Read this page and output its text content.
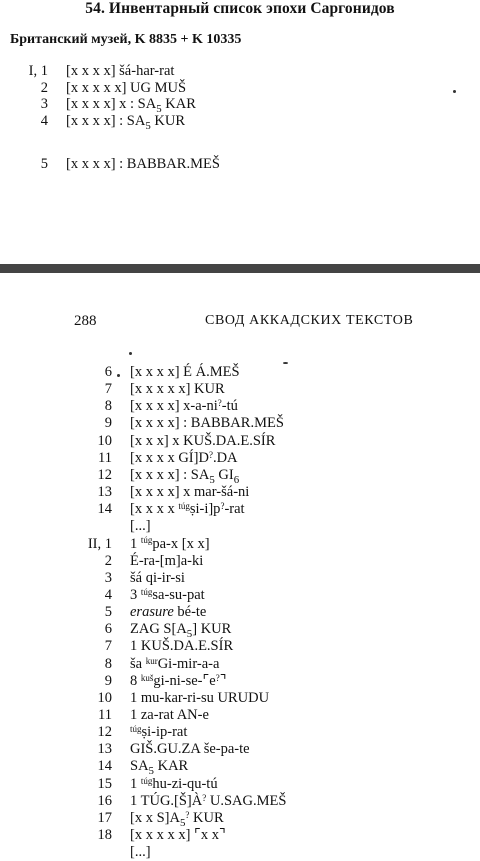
54. Инвентарный список эпохи Саргонидов
Британский музей, K 8835 + K 10335
I, 1 [x x x x] šá-har-rat
2 [x x x x x] UG MUŠ
3 [x x x x] x : $SA_5$ KAR
4 [x x x x] : $SA_5$ KUR
5 [x x x x] : BABBAR.MEŠ
288	СВОД АККАДСКИХ ТЕКСТОВ
6 [x x x x] É Á.MEŠ
7 [x x x x x] KUR
8 [x x x x] x-a-ni?-tú
9 [x x x x] : BABBAR.MEŠ
10 [x x x] x KUŠ.DA.E.SÍR
11 [x x x x GÍ]D?.DA
12 [x x x x] : $SA_5$ $GI_6$
13 [x x x x] x mar-šá-ni
14 [x x x x $^{túg}$ṣi-i]p?-rat
[...]
II, 1 1 $^{túg}$pa-x [x x]
2 É-ra-[m]a-ki
3 šá qi-ir-si
4 3 $^{túg}$sa-su-pat
5 erasure bé-te
6 ZAG $S[A_5]$ KUR
7 1 KUŠ.DA.E.SÍR
8 ša $^{kur}$Gi-mir-a-a
9 8 $^{kuš}$gi-ni-se-⌜e?⌝
10 1 mu-kar-ri-su URUDU
11 1 za-rat AN-e
12 $^{túg}$ṣi-ip-rat
13 GIŠ.GU.ZA še-pa-te
14 $SA_5$ KAR
15 1 $^{túg}$hu-zi-qu-tú
16 1 TÚG.[Š]À? U.SAG.MEŠ
17 [x x $S]A_5^?$ KUR
18 [x x x x x] ⌜x x⌝
[...]
